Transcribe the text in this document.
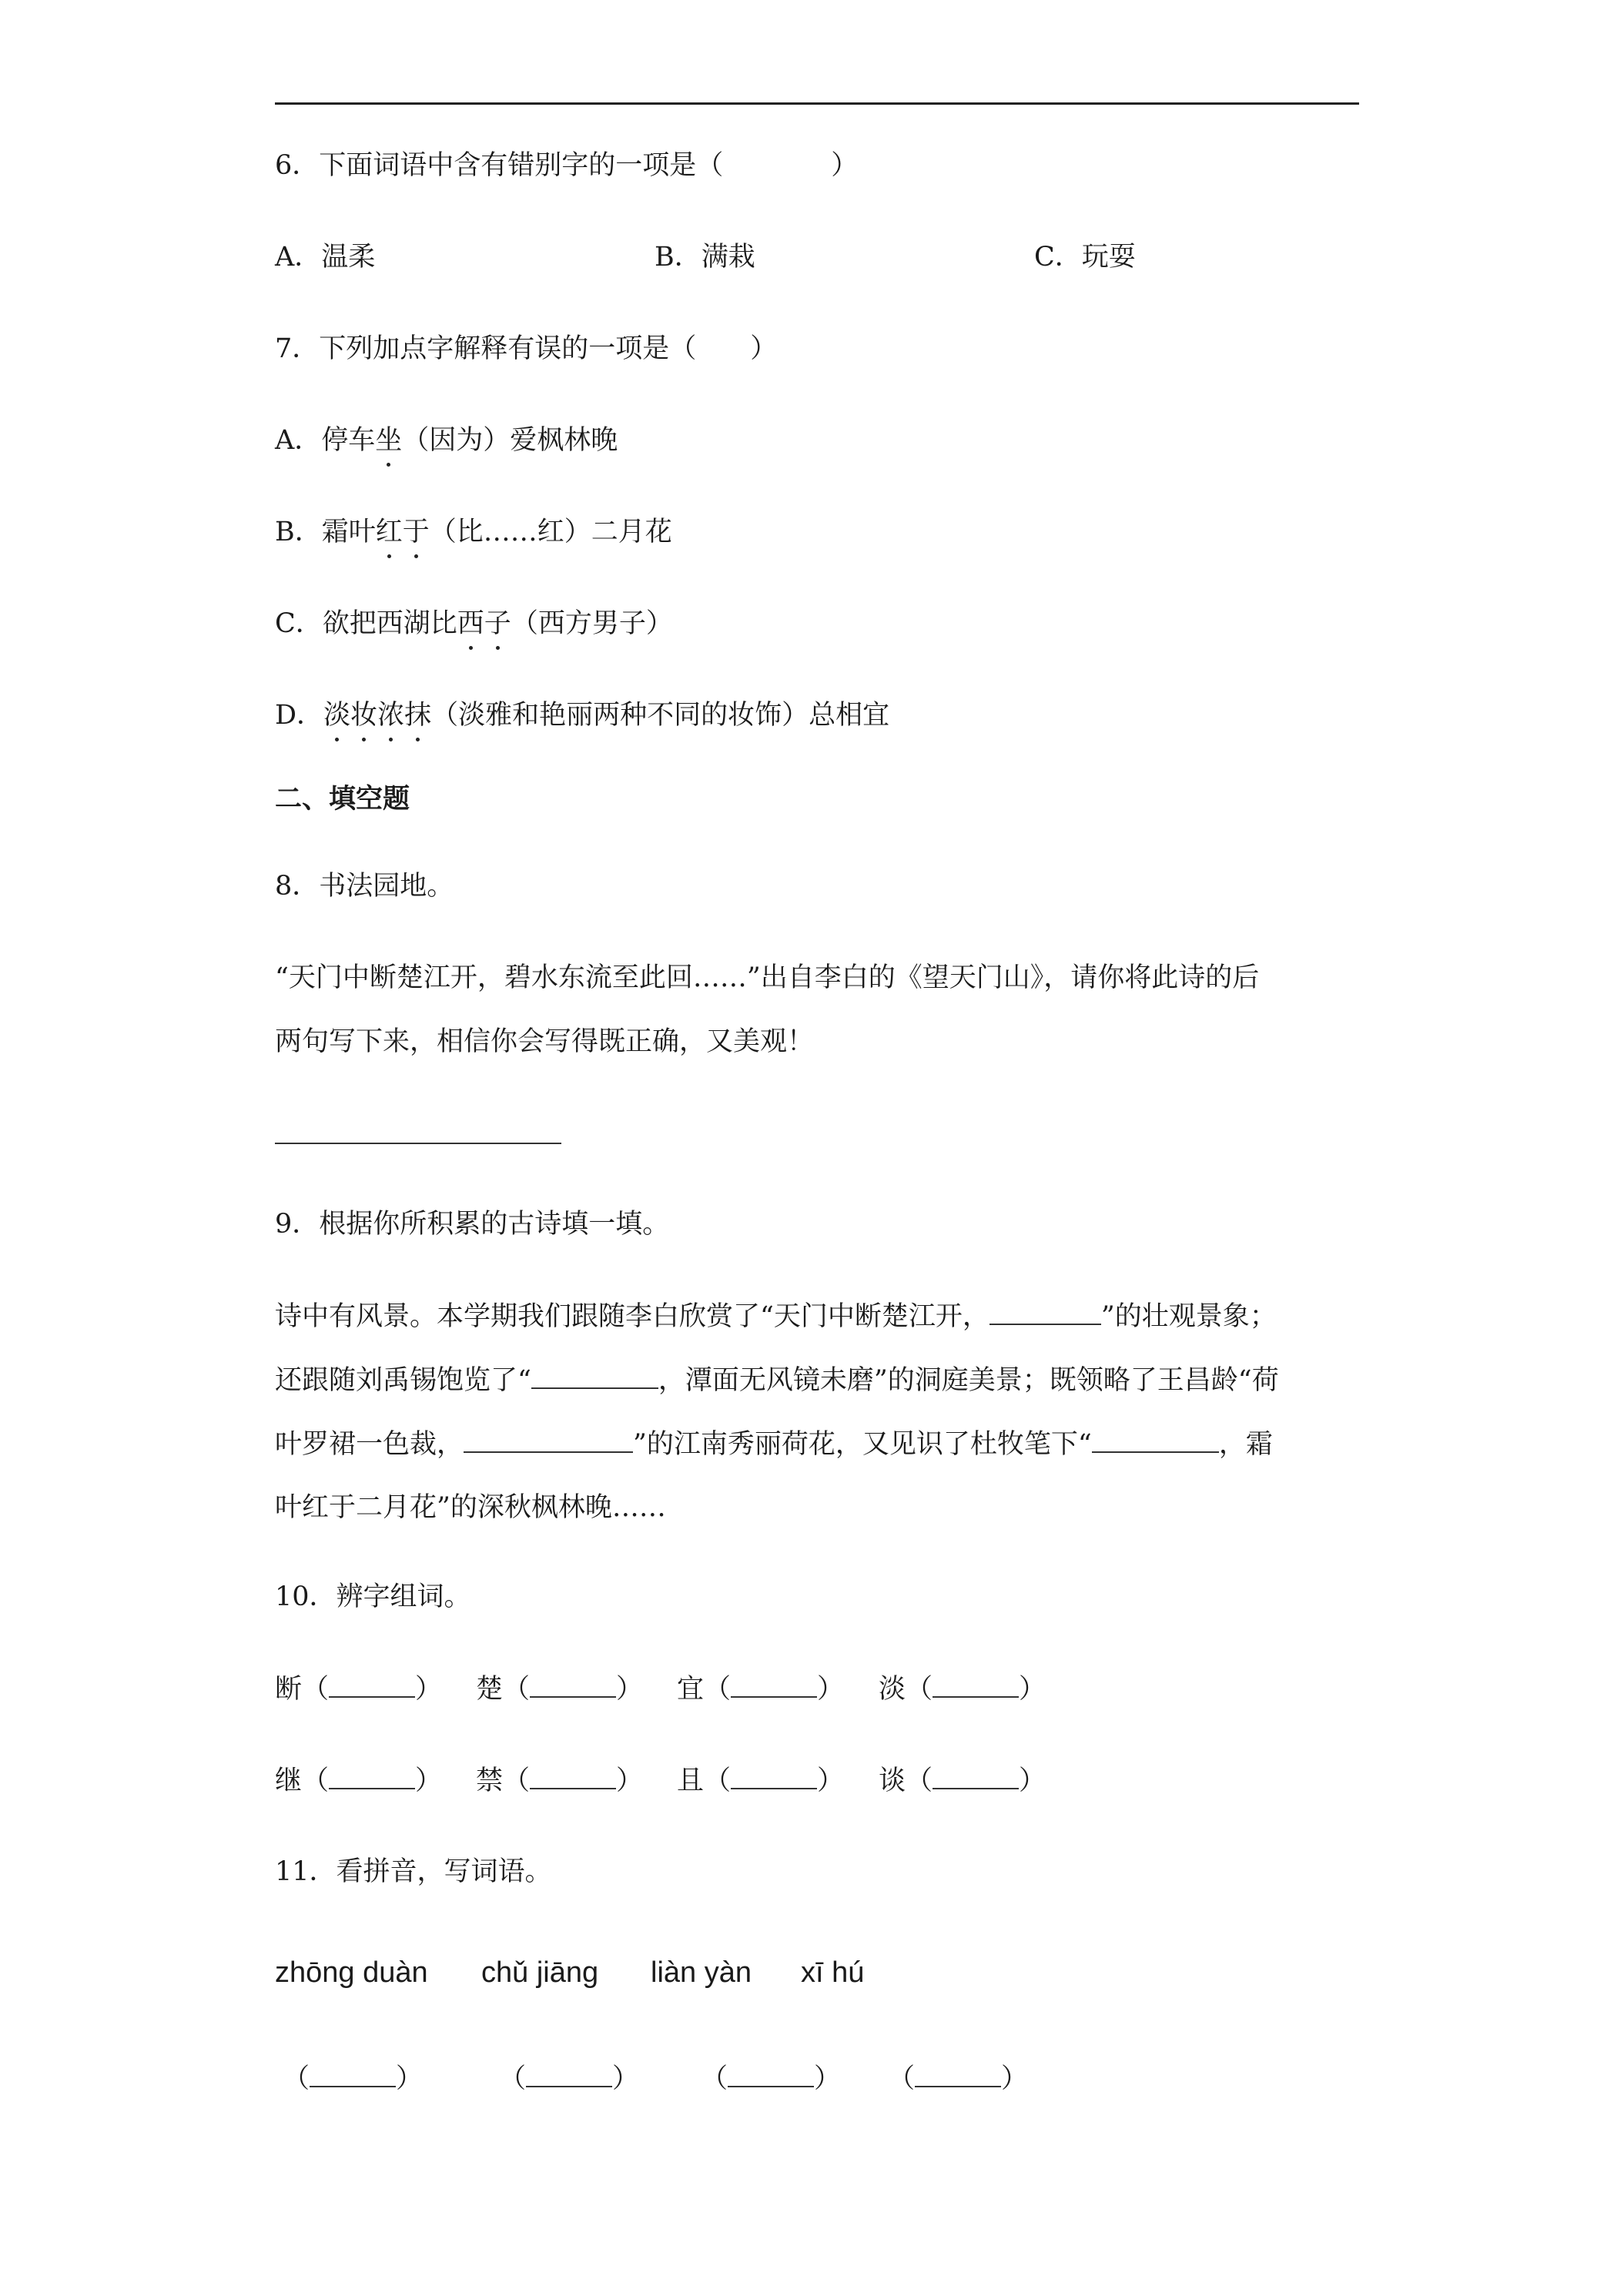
6．下面词语中含有错别字的一项是（　　　　）
A．温柔	B．满栽	C．玩耍
7．下列加点字解释有误的一项是（　　）
A．停车坐（因为）爱枫林晚
B．霜叶红于（比……红）二月花
C．欲把西湖比西子（西方男子）
D．淡妆浓抹（淡雅和艳丽两种不同的妆饰）总相宜
二、填空题
8．书法园地。
“天门中断楚江开，碧水东流至此回……”出自李白的《望天门山》，请你将此诗的后
两句写下来，相信你会写得既正确，又美观！
9．根据你所积累的古诗填一填。
诗中有风景。本学期我们跟随李白欣赏了“天门中断楚江开，	”的壮观景象；
还跟随刘禹锡饱览了“	，潭面无风镜未磨”的洞庭美景；既领略了王昌龄“荷
叶罗裙一色裁，	”的江南秀丽荷花，又见识了杜牧笔下“	，霜
叶红于二月花”的深秋枫林晚……
10．辨字组词。
断（	） 楚（	） 宜（	） 淡（	）
继（	） 禁（	） 且（	） 谈（	）
11．看拼音，写词语。
zhōng duàn chǔ jiāng liàn yàn xī hú
（	）	（	） （	） （	）
